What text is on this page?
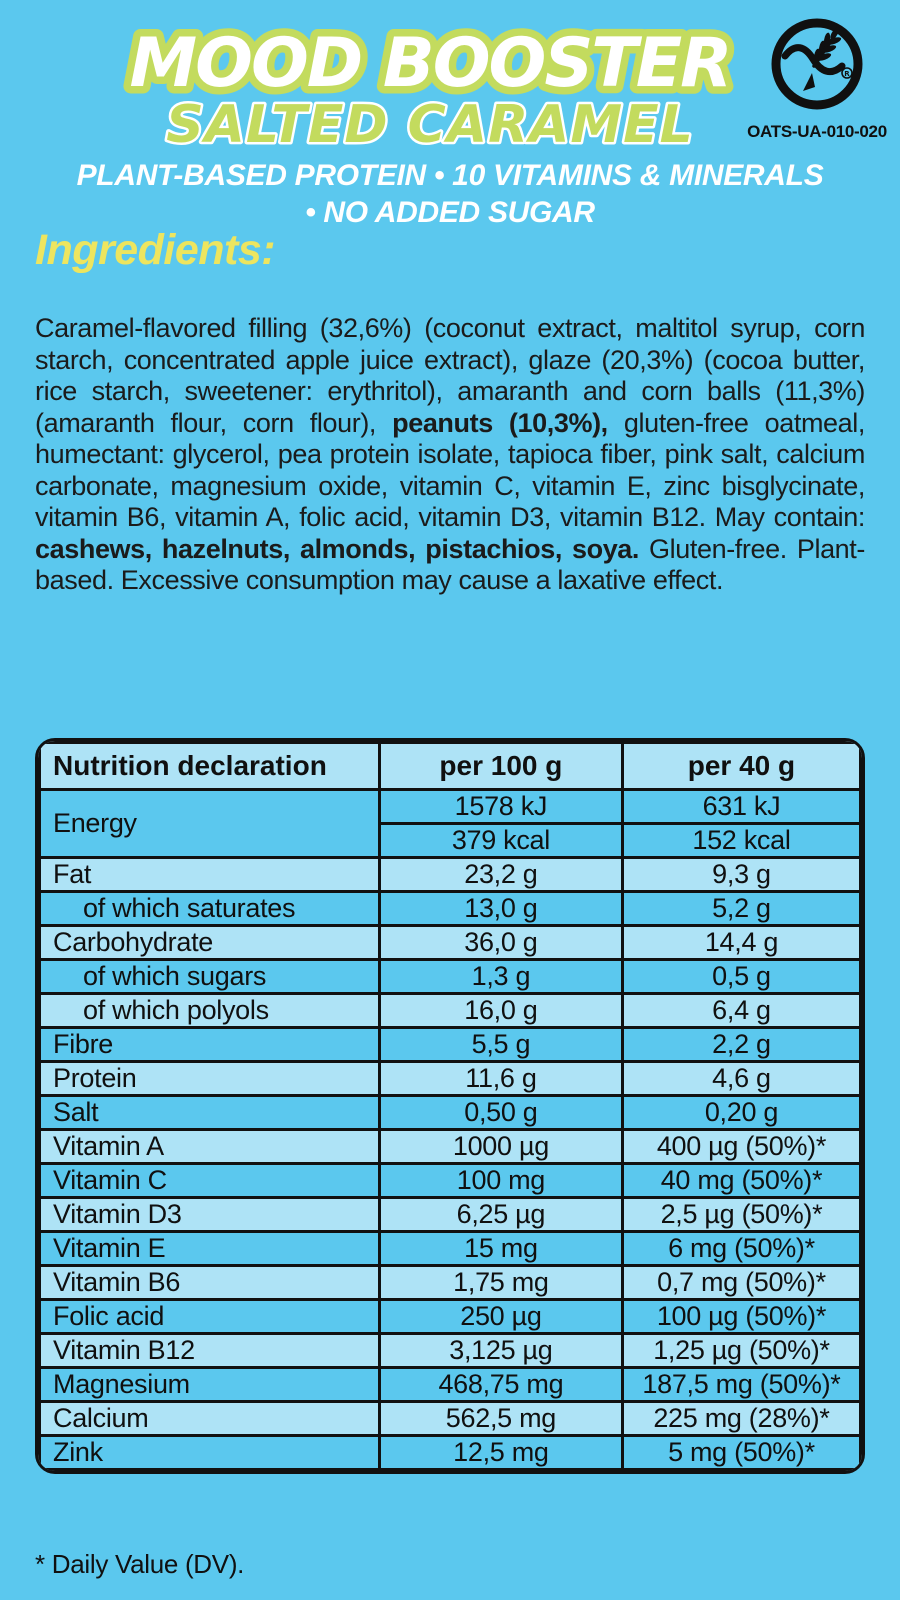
MOOD BOOSTER
SALTED CARAMEL
R
OATS-UA-010-020
PLANT-BASED PROTEIN • 10 VITAMINS & MINERALS
• NO ADDED SUGAR
Ingredients:

Caramel-flavored filling (32,6%) (coconut extract, maltitol syrup, corn starch, concentrated apple juice extract), glaze (20,3%) (cocoa butter, rice starch, sweetener: erythritol), amaranth and corn balls (11,3%) (amaranth flour, corn flour), peanuts (10,3%), gluten-free oatmeal, humectant: glycerol, pea protein isolate, tapioca fiber, pink salt, calcium carbonate, magnesium oxide, vitamin C, vitamin E, zinc bisglycinate, vitamin B6, vitamin A, folic acid, vitamin D3, vitamin B12. May contain: cashews, hazelnuts, almonds, pistachios, soya. Gluten-free. Plant-based. Excessive consumption may cause a laxative effect.

Nutrition declaration	per 100 g	per 40 g
Energy	1578 kJ	631 kJ
	379 kcal	152 kcal
Fat	23,2 g	9,3 g
of which saturates	13,0 g	5,2 g
Carbohydrate	36,0 g	14,4 g
of which sugars	1,3 g	0,5 g
of which polyols	16,0 g	6,4 g
Fibre	5,5 g	2,2 g
Protein	11,6 g	4,6 g
Salt	0,50 g	0,20 g
Vitamin A	1000 µg	400 µg (50%)*
Vitamin C	100 mg	40 mg (50%)*
Vitamin D3	6,25 µg	2,5 µg (50%)*
Vitamin E	15 mg	6 mg (50%)*
Vitamin B6	1,75 mg	0,7 mg (50%)*
Folic acid	250 µg	100 µg (50%)*
Vitamin B12	3,125 µg	1,25 µg (50%)*
Magnesium	468,75 mg	187,5 mg (50%)*
Calcium	562,5 mg	225 mg (28%)*
Zink	12,5 mg	5 mg (50%)*
* Daily Value (DV).
